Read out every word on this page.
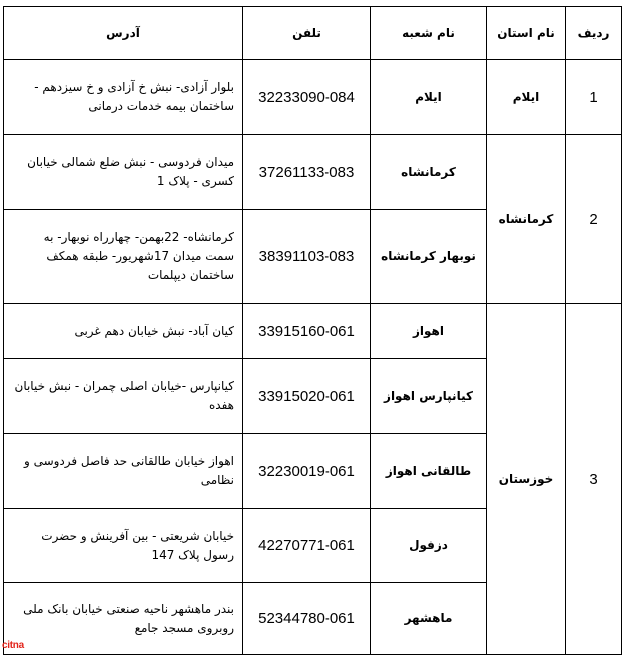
آدرس	تلفن	نام شعبه	نام استان	ردیف
بلوار آزادی- نبش خ آزادی و خ سیزدهم - ساختمان بیمه خدمات درمانی	32233090-084	ایلام	ایلام	1
میدان فردوسی - نبش ضلع شمالی خیابان کسری - پلاک 1	37261133-083	کرمانشاه	کرمانشاه	2
کرمانشاه- 22بهمن- چهارراه نوبهار- به سمت میدان 17شهریور- طبقه همکف ساختمان دیپلمات	38391103-083	نوبهار کرمانشاه		
کیان آباد- نبش خیابان دهم غربی	33915160-061	اهواز	خوزستان	3
کیانپارس -خیابان اصلی چمران - نبش خیابان هفده	33915020-061	کیانپارس اهواز		
اهواز خیابان طالقانی حد فاصل فردوسی و نظامی	32230019-061	طالقانی اهواز		
خیابان شریعتی - بین آفرینش و حضرت رسول پلاک 147	42270771-061	دزفول		
بندر ماهشهر ناحیه صنعتی خیابان بانک ملی روبروی مسجد جامع	52344780-061	ماهشهر		
citna
